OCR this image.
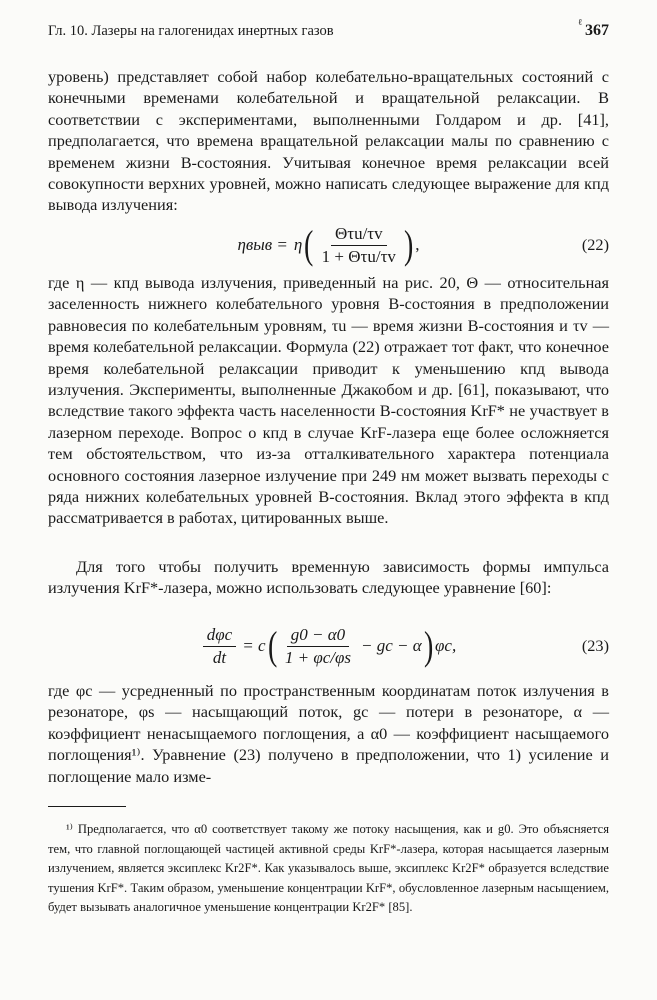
Гл. 10. Лазеры на галогенидах инертных газов
ℓ 367

уровень) представляет собой набор колебательно-вращательных состояний с конечными временами колебательной и вращательной релаксации. В соответствии с экспериментами, выполненными Голдаром и др. [41], предполагается, что времена вращательной релаксации малы по сравнению с временем жизни B-состояния. Учитывая конечное время релаксации всей совокупности верхних уровней, можно написать следующее выражение для кпд вывода излучения:

ηвыв = η ( $\frac{\text{Θτu/τv}}{\text{1 + Θτu/τv}}$ ) ,	(22)

где η — кпд вывода излучения, приведенный на рис. 20, Θ — относительная заселенность нижнего колебательного уровня B-состояния в предположении равновесия по колебательным уровням, τu — время жизни B-состояния и τv — время колебательной релаксации. Формула (22) отражает тот факт, что конечное время колебательной релаксации приводит к уменьшению кпд вывода излучения. Эксперименты, выполненные Джакобом и др. [61], показывают, что вследствие такого эффекта часть населенности B-состояния KrF* не участвует в лазерном переходе. Вопрос о кпд в случае KrF-лазера еще более осложняется тем обстоятельством, что из-за отталкивательного характера потенциала основного состояния лазерное излучение при 249 нм может вызвать переходы с ряда нижних колебательных уровней B-состояния. Вклад этого эффекта в кпд рассматривается в работах, цитированных выше.

Для того чтобы получить временную зависимость формы импульса излучения KrF*-лазера, можно использовать следующее уравнение [60]:

$\frac{\text{dφc}}{dt} = c$ ( $\frac{g0 - \alpha 0}{1 + \varphi c/\varphi s}$ − gc − α ) φc,	(23)

где φc — усредненный по пространственным координатам поток излучения в резонаторе, φs — насыщающий поток, gc — потери в резонаторе, α — коэффициент ненасыщаемого поглощения, а α0 — коэффициент насыщаемого поглощения¹⁾. Уравнение (23) получено в предположении, что 1) усиление и поглощение мало изме-

¹⁾ Предполагается, что α0 соответствует такому же потоку насыщения, как и g0. Это объясняется тем, что главной поглощающей частицей активной среды KrF*-лазера, которая насыщается лазерным излучением, является эксиплекс Kr2F*. Как указывалось выше, эксиплекс Kr2F* образуется вследствие тушения KrF*. Таким образом, уменьшение концентрации KrF*, обусловленное лазерным насыщением, будет вызывать аналогичное уменьшение концентрации Kr2F* [85].
